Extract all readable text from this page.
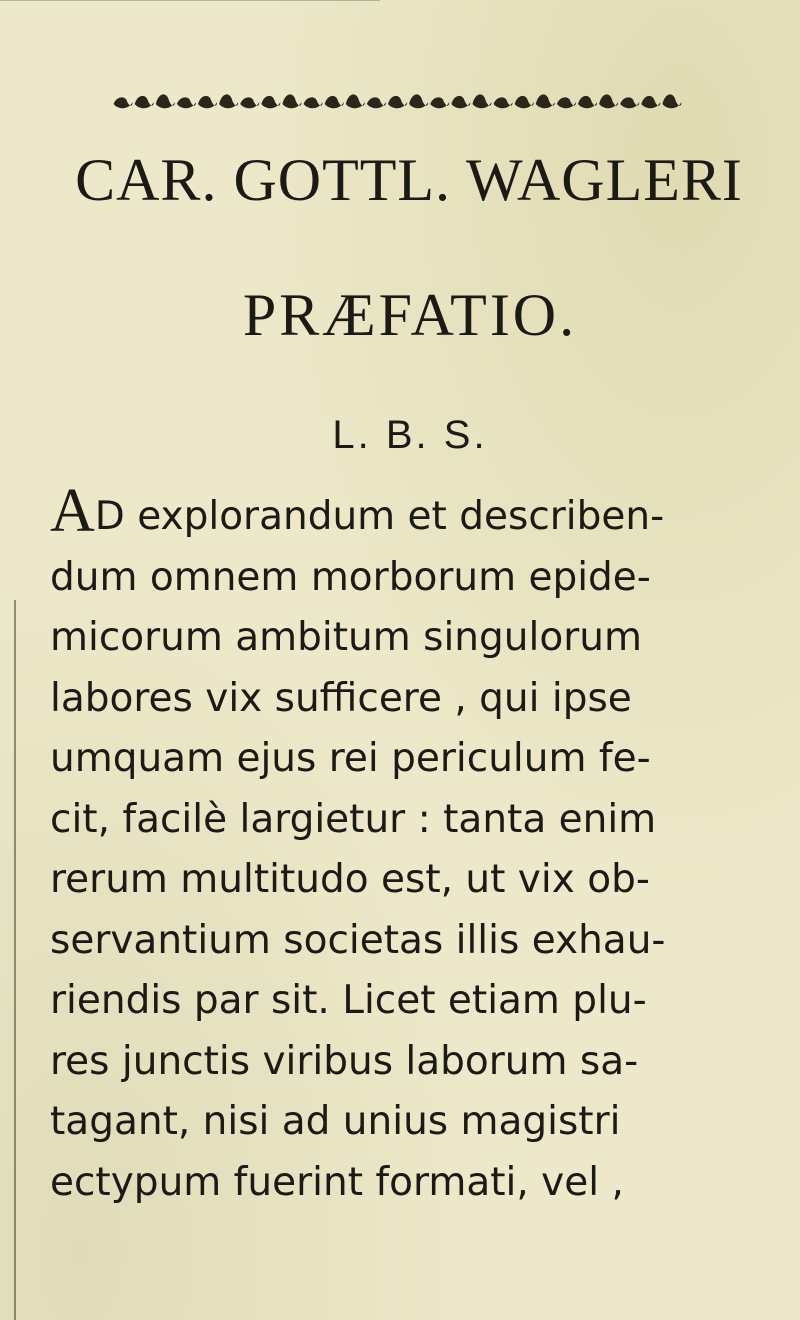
CAR. GOTTL. WAGLERI
PRÆFATIO.
L. B. S.
AD explorandum et describen-
dum omnem morborum epide-
micorum ambitum singulorum
labores vix sufficere , qui ipse
umquam ejus rei periculum fe-
cit, facilè largietur : tanta enim
rerum multitudo est, ut vix ob-
servantium societas illis exhau-
riendis par sit. Licet etiam plu-
res junctis viribus laborum sa-
tagant, nisi ad unius magistri
ectypum fuerint formati, vel ,
